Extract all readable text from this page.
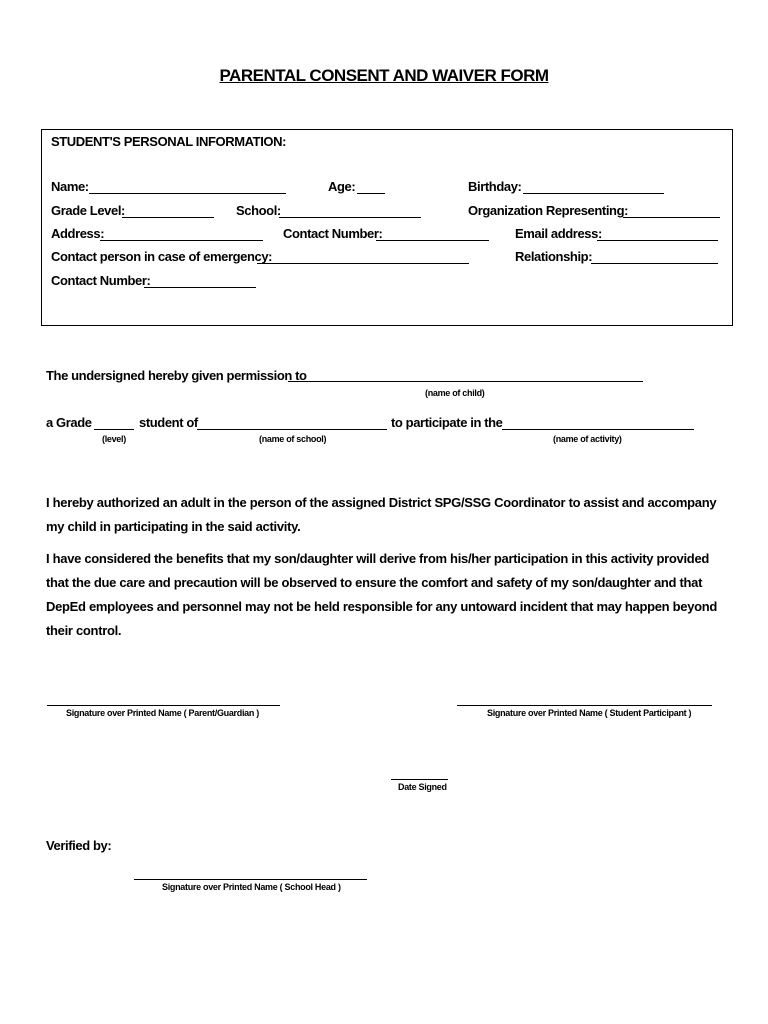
PARENTAL CONSENT AND WAIVER FORM
STUDENT'S PERSONAL INFORMATION:
Name:	Age:	Birthday:
Grade Level:	School:	Organization Representing:
Address:	Contact Number:	Email address:
Contact person in case of emergency:	Relationship:
Contact Number:
The undersigned hereby given permission to
(name of child)
a Grade	student of	to participate in the
(level)	(name of school)	(name of activity)
I hereby authorized an adult in the person of the assigned District SPG/SSG Coordinator to assist and accompany my child in participating in the said activity.
I have considered the benefits that my son/daughter will derive from his/her participation in this activity provided that the due care and precaution will be observed to ensure the comfort and safety of my son/daughter and that DepEd employees and personnel may not be held responsible for any untoward incident that may happen beyond their control.
Signature over Printed Name ( Parent/Guardian )	Signature over Printed Name ( Student Participant )
Date Signed
Verified by:
Signature over Printed Name ( School Head )
